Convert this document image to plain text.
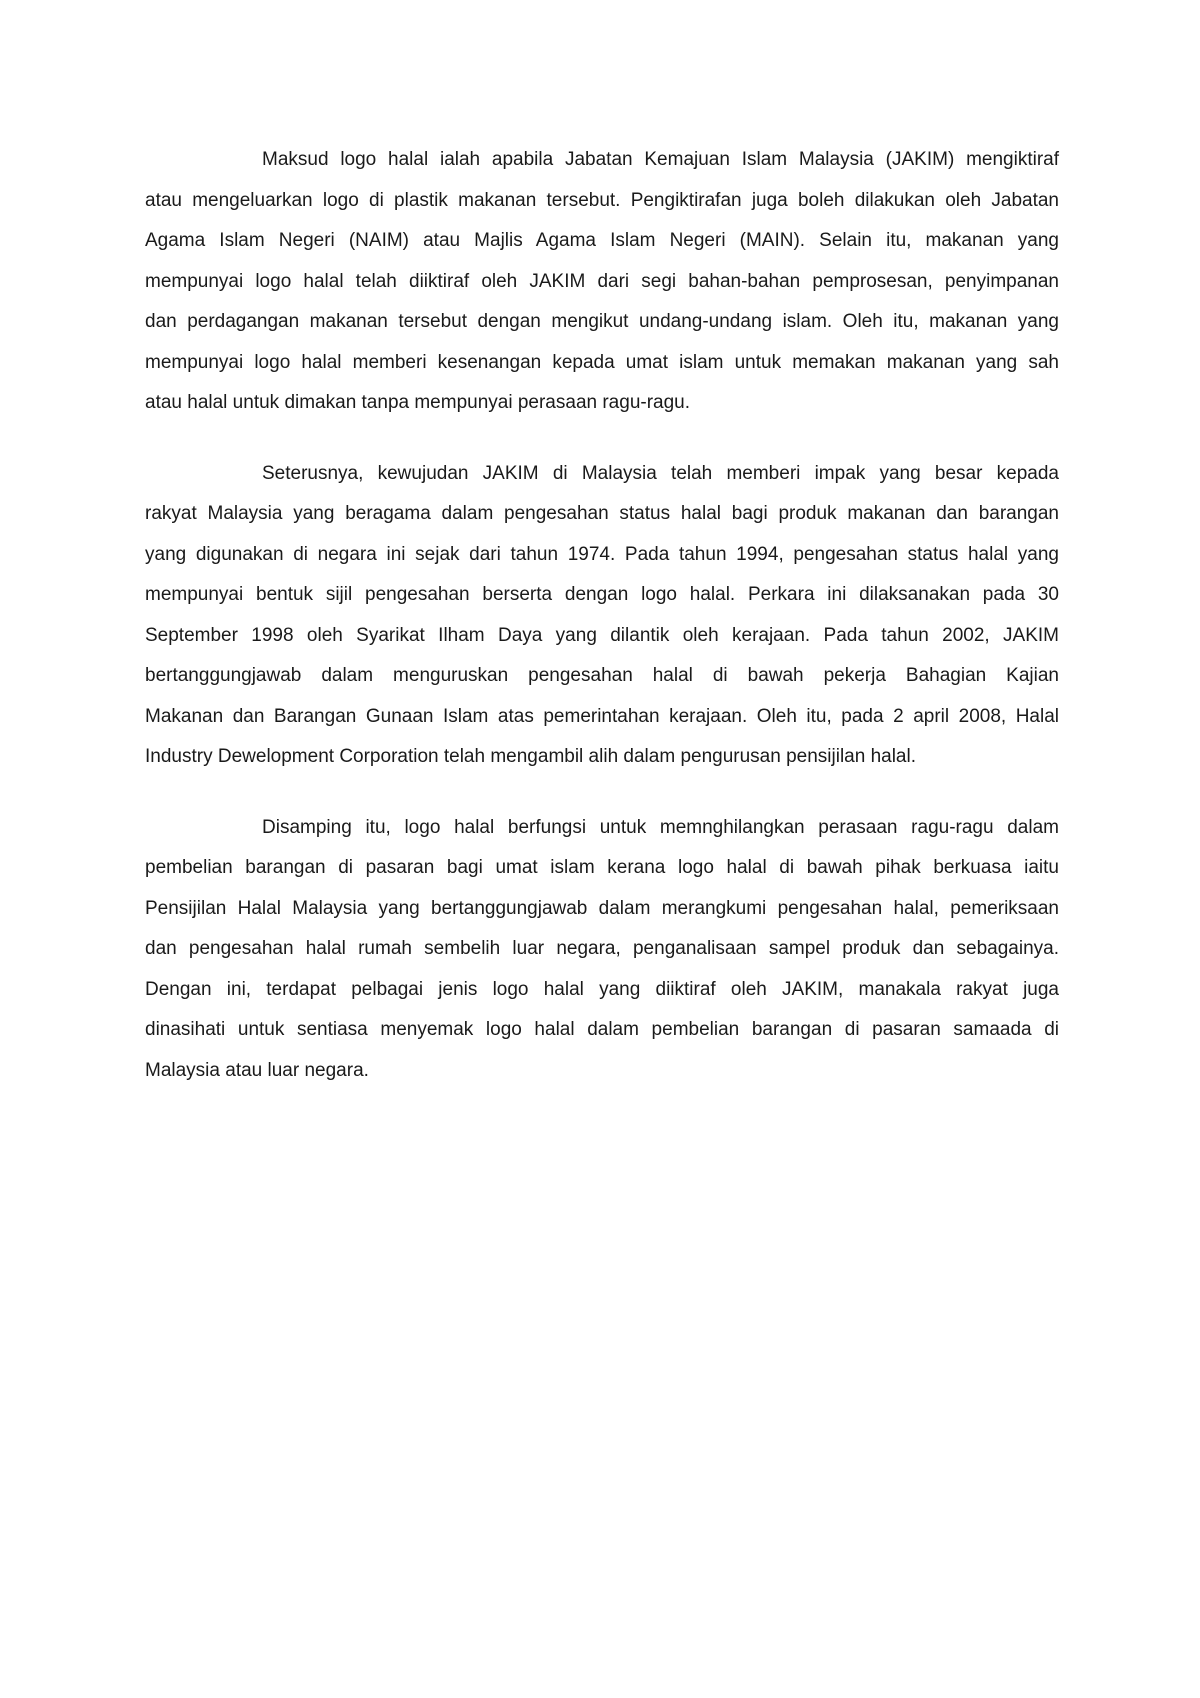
Maksud logo halal ialah apabila Jabatan Kemajuan Islam Malaysia (JAKIM) mengiktiraf
atau mengeluarkan logo di plastik makanan tersebut. Pengiktirafan juga boleh dilakukan oleh Jabatan
Agama Islam Negeri (NAIM) atau Majlis Agama Islam Negeri (MAIN). Selain itu, makanan yang
mempunyai logo halal telah diiktiraf oleh JAKIM dari segi bahan-bahan pemprosesan, penyimpanan
dan perdagangan makanan tersebut dengan mengikut undang-undang islam. Oleh itu, makanan yang
mempunyai logo halal memberi kesenangan kepada umat islam untuk memakan makanan yang sah
atau halal untuk dimakan tanpa mempunyai perasaan ragu-ragu.

Seterusnya, kewujudan JAKIM di Malaysia telah memberi impak yang besar kepada
rakyat Malaysia yang beragama dalam pengesahan status halal bagi produk makanan dan barangan
yang digunakan di negara ini sejak dari tahun 1974. Pada tahun 1994, pengesahan status halal yang
mempunyai bentuk sijil pengesahan berserta dengan logo halal. Perkara ini dilaksanakan pada 30
September 1998 oleh Syarikat Ilham Daya yang dilantik oleh kerajaan. Pada tahun 2002, JAKIM
bertanggungjawab dalam menguruskan pengesahan halal di bawah pekerja Bahagian Kajian
Makanan dan Barangan Gunaan Islam atas pemerintahan kerajaan. Oleh itu, pada 2 april 2008, Halal
Industry Dewelopment Corporation telah mengambil alih dalam pengurusan pensijilan halal.

Disamping itu, logo halal berfungsi untuk memnghilangkan perasaan ragu-ragu dalam
pembelian barangan di pasaran bagi umat islam kerana logo halal di bawah pihak berkuasa iaitu
Pensijilan Halal Malaysia yang bertanggungjawab dalam merangkumi pengesahan halal, pemeriksaan
dan pengesahan halal rumah sembelih luar negara, penganalisaan sampel produk dan sebagainya.
Dengan ini, terdapat pelbagai jenis logo halal yang diiktiraf oleh JAKIM, manakala rakyat juga
dinasihati untuk sentiasa menyemak logo halal dalam pembelian barangan di pasaran samaada di
Malaysia atau luar negara.
